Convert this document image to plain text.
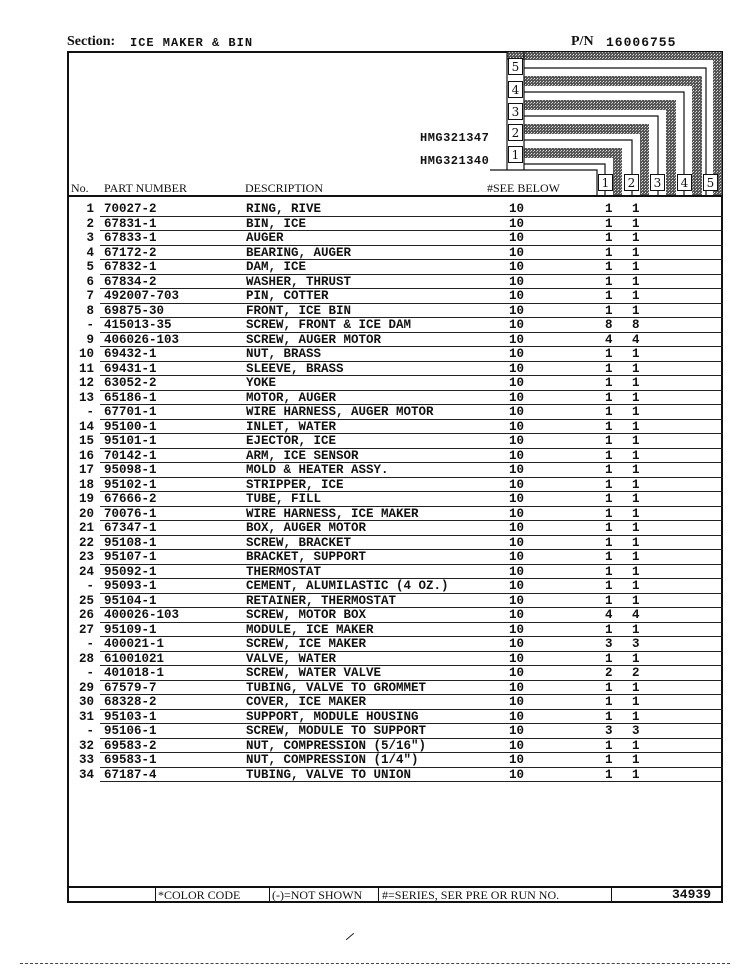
Section: ICE MAKER & BIN	P/N 16006755
5
4
3
2
1
1	2	3	4	5
HMG321347
HMG321340
No. PART NUMBER	DESCRIPTION	#SEE BELOW
1 70027-2	RING, RIVE	10	1 1
2 67831-1	BIN, ICE	10	1 1
3 67833-1	AUGER	10	1 1
4 67172-2	BEARING, AUGER	10	1 1
5 67832-1	DAM, ICE	10	1 1
6 67834-2	WASHER, THRUST	10	1 1
7 492007-703	PIN, COTTER	10	1 1
8 69875-30	FRONT, ICE BIN	10	1 1
- 415013-35	SCREW, FRONT & ICE DAM	10	8 8
9 406026-103	SCREW, AUGER MOTOR	10	4 4
10 69432-1	NUT, BRASS	10	1 1
11 69431-1	SLEEVE, BRASS	10	1 1
12 63052-2	YOKE	10	1 1
13 65186-1	MOTOR, AUGER	10	1 1
- 67701-1	WIRE HARNESS, AUGER MOTOR	10	1 1
14 95100-1	INLET, WATER	10	1 1
15 95101-1	EJECTOR, ICE	10	1 1
16 70142-1	ARM, ICE SENSOR	10	1 1
17 95098-1	MOLD & HEATER ASSY.	10	1 1
18 95102-1	STRIPPER, ICE	10	1 1
19 67666-2	TUBE, FILL	10	1 1
20 70076-1	WIRE HARNESS, ICE MAKER	10	1 1
21 67347-1	BOX, AUGER MOTOR	10	1 1
22 95108-1	SCREW, BRACKET	10	1 1
23 95107-1	BRACKET, SUPPORT	10	1 1
24 95092-1	THERMOSTAT	10	1 1
- 95093-1	CEMENT, ALUMILASTIC (4 OZ.)	10	1 1
25 95104-1	RETAINER, THERMOSTAT	10	1 1
26 400026-103	SCREW, MOTOR BOX	10	4 4
27 95109-1	MODULE, ICE MAKER	10	1 1
- 400021-1	SCREW, ICE MAKER	10	3 3
28 61001021	VALVE, WATER	10	1 1
- 401018-1	SCREW, WATER VALVE	10	2 2
29 67579-7	TUBING, VALVE TO GROMMET	10	1 1
30 68328-2	COVER, ICE MAKER	10	1 1
31 95103-1	SUPPORT, MODULE HOUSING	10	1 1
- 95106-1	SCREW, MODULE TO SUPPORT	10	3 3
32 69583-2	NUT, COMPRESSION (5/16")	10	1 1
33 69583-1	NUT, COMPRESSION (1/4")	10	1 1
34 67187-4	TUBING, VALVE TO UNION	10	1 1
*COLOR CODE	(-)=NOT SHOWN #=SERIES, SER PRE OR RUN NO.	34939
